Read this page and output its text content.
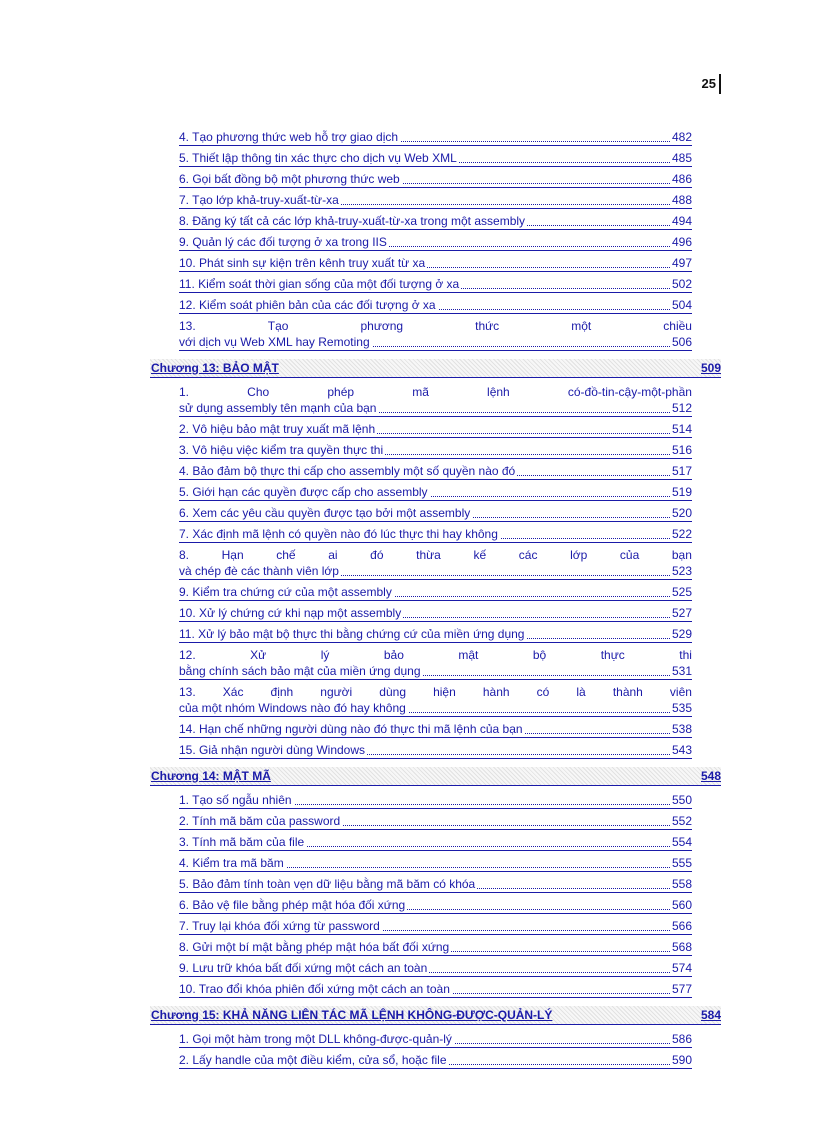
25
4. Tạo phương thức web hỗ trợ giao dịch	482
5. Thiết lập thông tin xác thực cho dịch vụ Web XML	485
6. Gọi bất đồng bộ một phương thức web	486
7. Tạo lớp khả-truy-xuất-từ-xa	488
8. Đăng ký tất cả các lớp khả-truy-xuất-từ-xa trong một assembly	494
9. Quản lý các đối tượng ở xa trong IIS	496
10. Phát sinh sự kiện trên kênh truy xuất từ xa	497
11. Kiểm soát thời gian sống của một đối tượng ở xa	502
12. Kiểm soát phiên bản của các đối tượng ở xa	504
13.	Tạo	phương	thức	một	chiều
với dịch vụ Web XML hay Remoting	506
Chương 13: BẢO MẬT	509
1.	Cho	phép	mã	lệnh	có-đồ-tin-cậy-một-phần
sử dụng assembly tên mạnh của bạn	512
2. Vô hiệu bảo mật truy xuất mã lệnh	514
3. Vô hiệu việc kiểm tra quyền thực thi	516
4. Bảo đảm bộ thực thi cấp cho assembly một số quyền nào đó	517
5. Giới hạn các quyền được cấp cho assembly	519
6. Xem các yêu cầu quyền được tạo bởi một assembly	520
7. Xác định mã lệnh có quyền nào đó lúc thực thi hay không	522
8.	Hạn	chế	ai	đó	thừa	kế	các	lớp	của	bạn
và chép đè các thành viên lớp	523
9. Kiểm tra chứng cứ của một assembly	525
10. Xử lý chứng cứ khi nạp một assembly	527
11. Xử lý bảo mật bộ thực thi bằng chứng cứ của miền ứng dụng	529
12.	Xử	lý	bảo	mật	bộ	thực	thi
bằng chính sách bảo mật của miền ứng dụng	531
13. Xác định người dùng hiện hành có là thành viên
của một nhóm Windows nào đó hay không	535
14. Hạn chế những người dùng nào đó thực thi mã lệnh của bạn	538
15. Giả nhận người dùng Windows	543
Chương 14: MẬT MÃ	548
1. Tạo số ngẫu nhiên	550
2. Tính mã băm của password	552
3. Tính mã băm của file	554
4. Kiểm tra mã băm	555
5. Bảo đảm tính toàn vẹn dữ liệu bằng mã băm có khóa	558
6. Bảo vệ file bằng phép mật hóa đối xứng	560
7. Truy lại khóa đối xứng từ password	566
8. Gửi một bí mật bằng phép mật hóa bất đối xứng	568
9. Lưu trữ khóa bất đối xứng một cách an toàn	574
10. Trao đổi khóa phiên đối xứng một cách an toàn	577
Chương 15: KHẢ NĂNG LIÊN TÁC MÃ LỆNH KHÔNG-ĐƯỢC-QUẢN-LÝ	584
1. Gọi một hàm trong một DLL không-được-quản-lý	586
2. Lấy handle của một điều kiểm, cửa sổ, hoặc file	590
